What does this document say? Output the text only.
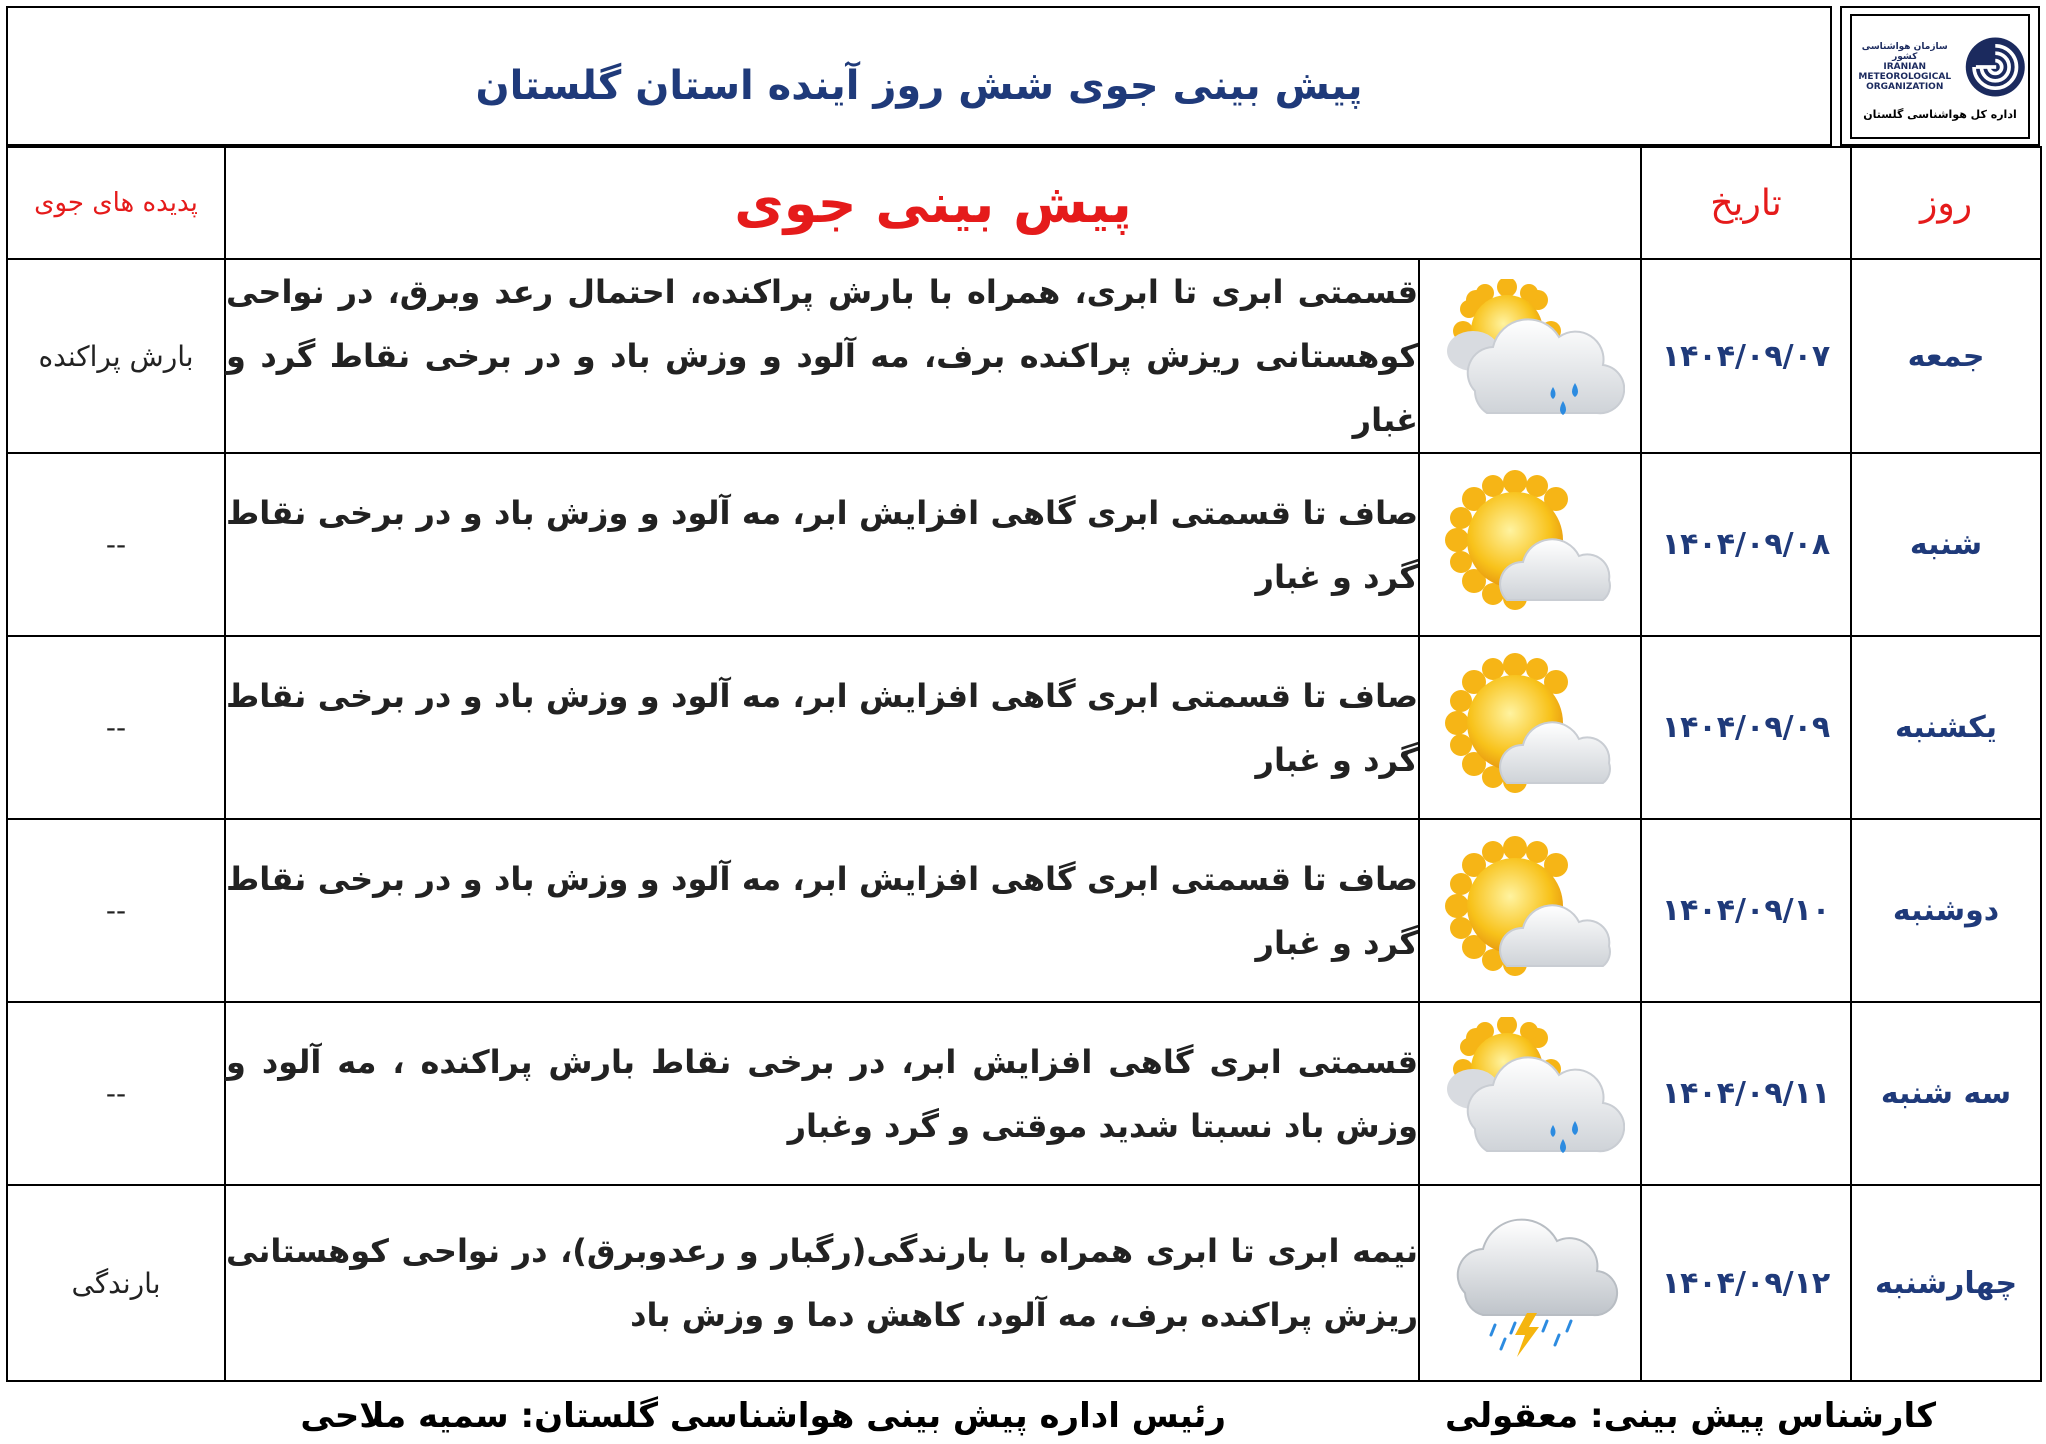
پیش بینی جوی شش روز آینده استان گلستان
سازمان هواشناسی کشور
IRANIAN
METEOROLOGICAL
ORGANIZATION
اداره کل هواشناسی گلستان
روز	تاریخ	پیش بینی جوی		پدیده های جوی
جمعه	۱۴۰۴/۰۹/۰۷		قسمتی ابری تا ابری، همراه با بارش پراکنده، احتمال رعد وبرق، در نواحی کوهستانی ریزش پراکنده برف، مه آلود و وزش باد و در برخی نقاط گرد و غبار	بارش پراکنده
شنبه	۱۴۰۴/۰۹/۰۸		صاف تا قسمتی ابری گاهی افزایش ابر، مه آلود و وزش باد و در برخی نقاط گرد و غبار	--
یکشنبه	۱۴۰۴/۰۹/۰۹		صاف تا قسمتی ابری گاهی افزایش ابر، مه آلود و وزش باد و در برخی نقاط گرد و غبار	--
دوشنبه	۱۴۰۴/۰۹/۱۰		صاف تا قسمتی ابری گاهی افزایش ابر، مه آلود و وزش باد و در برخی نقاط گرد و غبار	--
سه شنبه	۱۴۰۴/۰۹/۱۱		قسمتی ابری گاهی افزایش ابر، در برخی نقاط بارش پراکنده ، مه آلود و وزش باد نسبتا شدید موقتی و گرد وغبار	--
چهارشنبه	۱۴۰۴/۰۹/۱۲		نیمه ابری تا ابری همراه با بارندگی(رگبار و رعدوبرق)، در نواحی کوهستانی ریزش پراکنده برف، مه آلود، کاهش دما و وزش باد	بارندگی
کارشناس پیش بینی: معقولی
رئیس اداره پیش بینی هواشناسی گلستان: سمیه ملاحی
